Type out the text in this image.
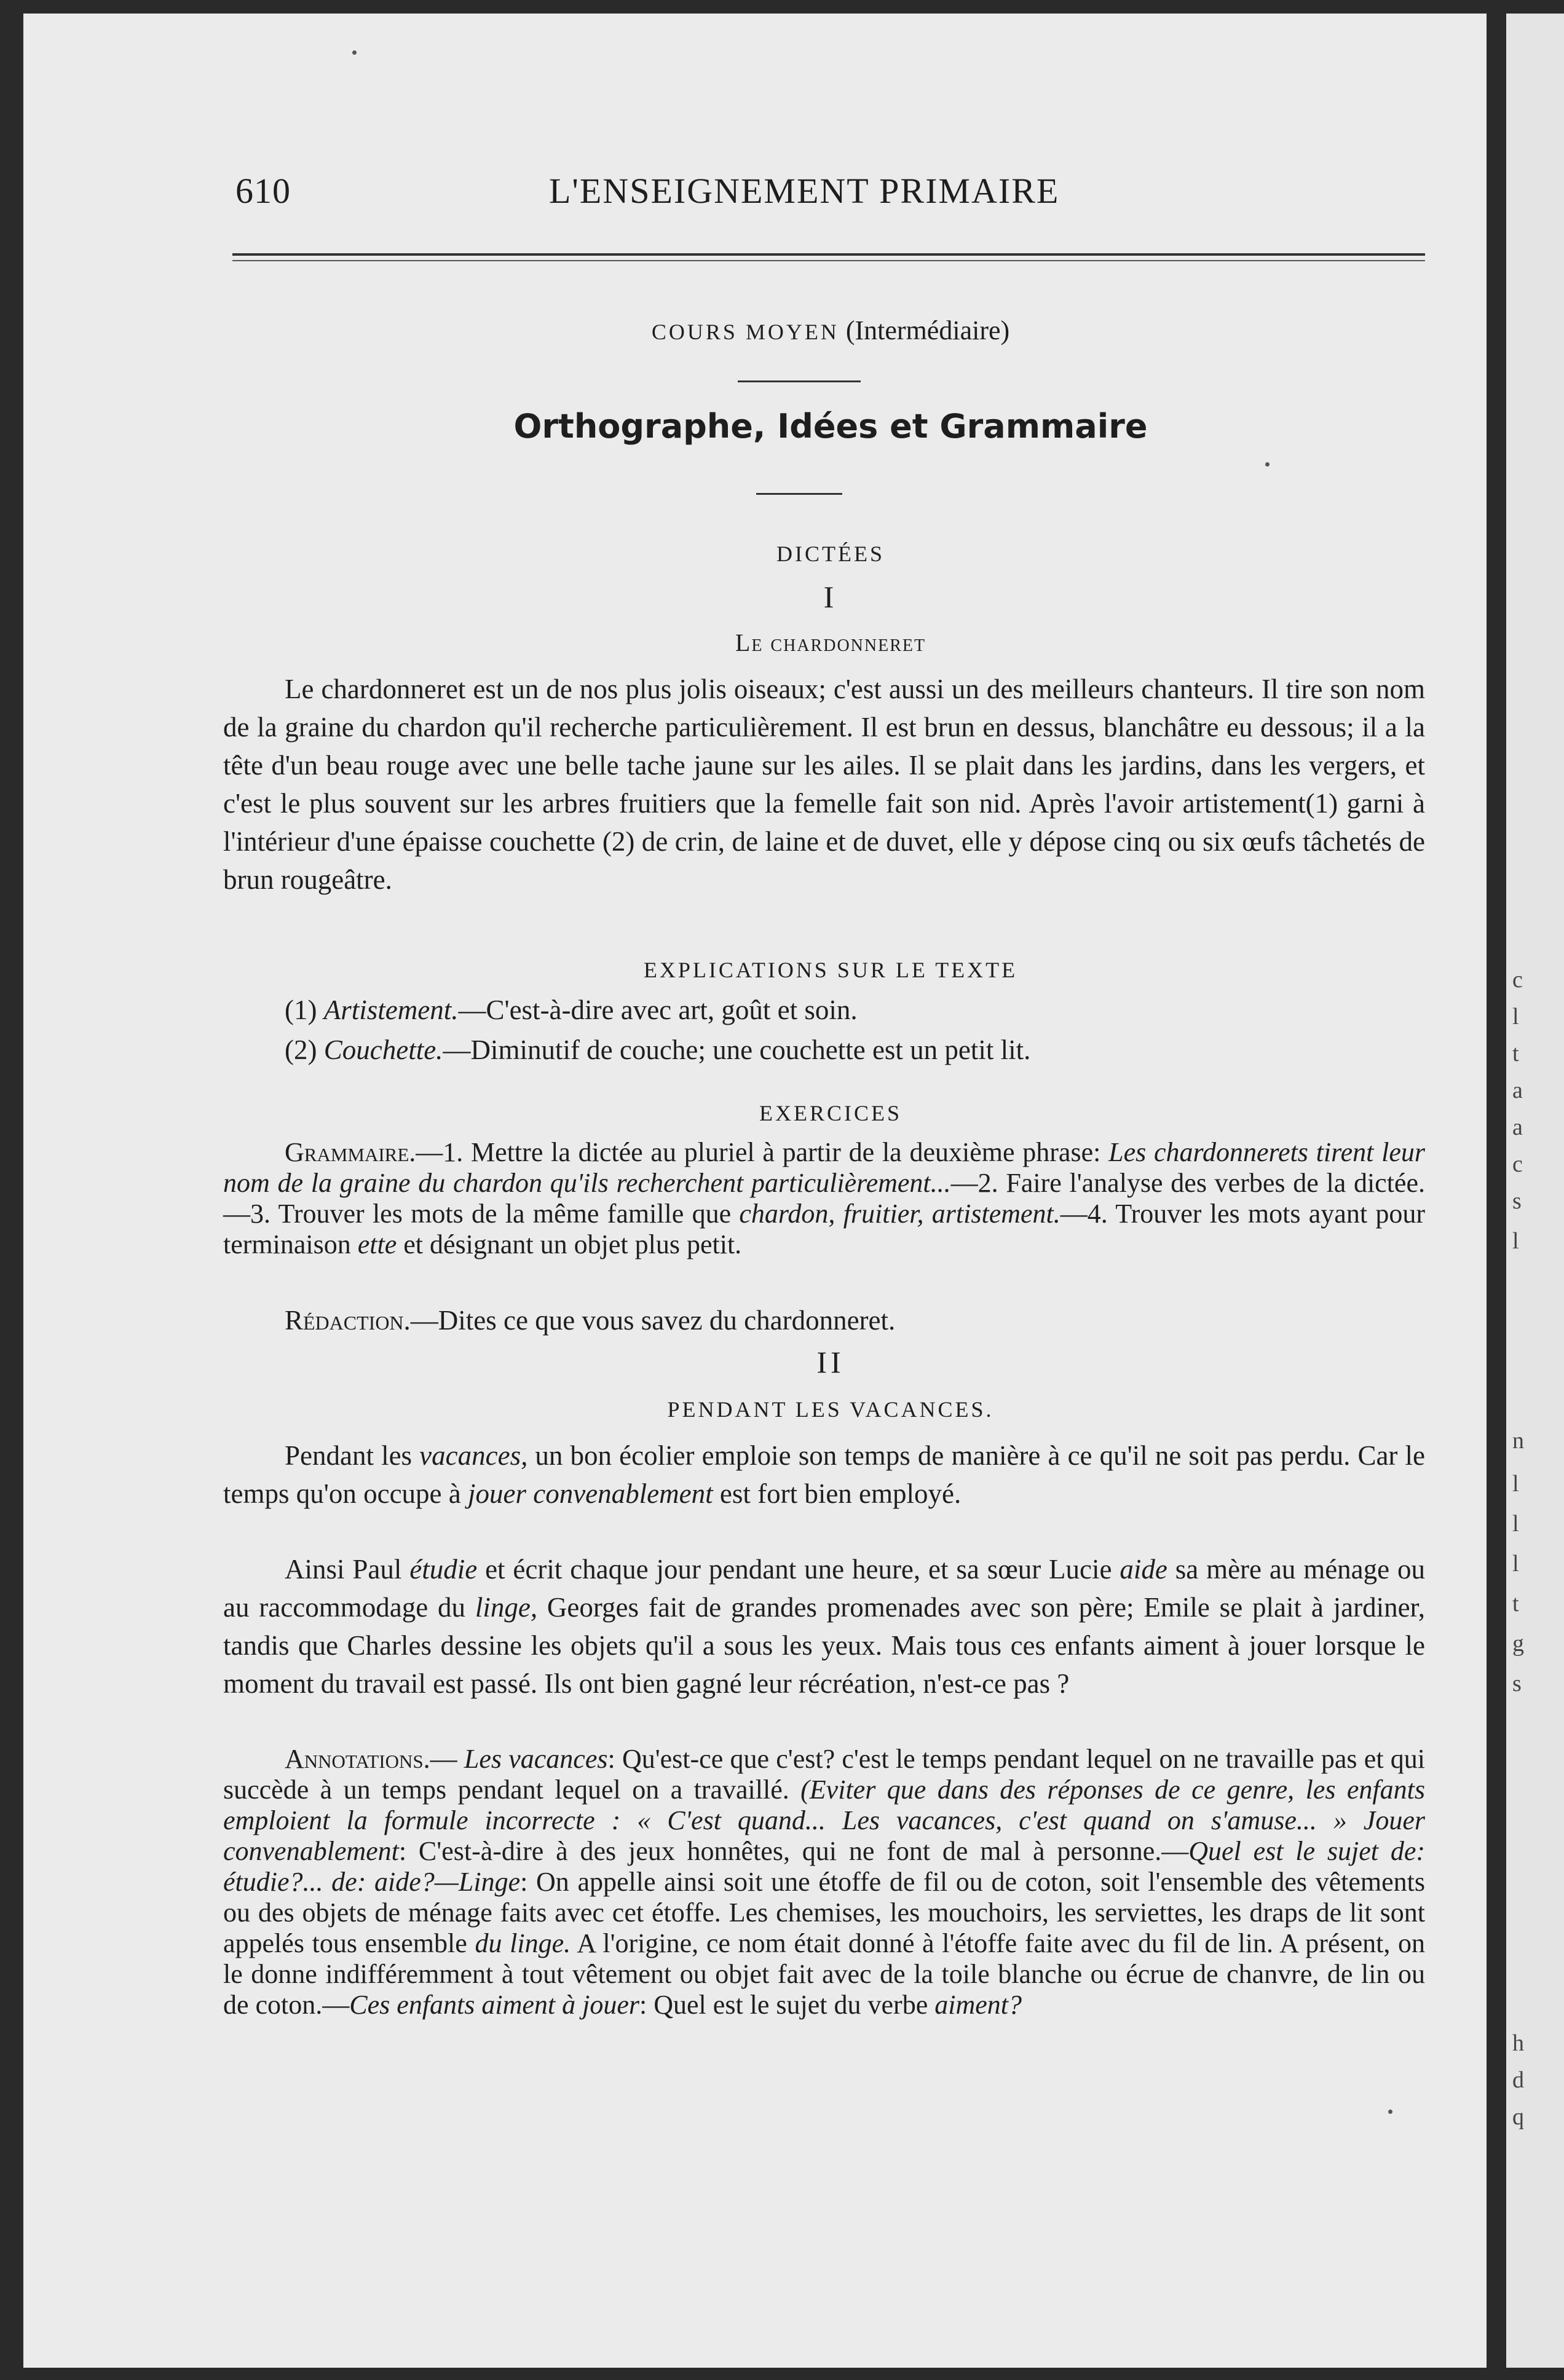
610	L'ENSEIGNEMENT PRIMAIRE
COURS MOYEN (Intermédiaire)
Orthographe, Idées et Grammaire
DICTÉES
I
Le chardonneret
Le chardonneret est un de nos plus jolis oiseaux; c'est aussi un des meilleurs chanteurs. Il tire son nom de la graine du chardon qu'il recherche particulièrement. Il est brun en dessus, blanchâtre eu dessous; il a la tête d'un beau rouge avec une belle tache jaune sur les ailes. Il se plait dans les jardins, dans les vergers, et c'est le plus souvent sur les arbres fruitiers que la femelle fait son nid. Après l'avoir artistement(1) garni à l'intérieur d'une épaisse couchette (2) de crin, de laine et de duvet, elle y dépose cinq ou six œufs tâchetés de brun rougeâtre.
EXPLICATIONS SUR LE TEXTE
(1) Artistement.—C'est-à-dire avec art, goût et soin.
(2) Couchette.—Diminutif de couche; une couchette est un petit lit.
EXERCICES
Grammaire.—1. Mettre la dictée au pluriel à partir de la deuxième phrase: Les chardonnerets tirent leur nom de la graine du chardon qu'ils recherchent particulièrement...—2. Faire l'analyse des verbes de la dictée.—3. Trouver les mots de la même famille que chardon, fruitier, artistement.—4. Trouver les mots ayant pour terminaison ette et désignant un objet plus petit.
Rédaction.—Dites ce que vous savez du chardonneret.
II
PENDANT LES VACANCES.
Pendant les vacances, un bon écolier emploie son temps de manière à ce qu'il ne soit pas perdu. Car le temps qu'on occupe à jouer convenablement est fort bien employé.
Ainsi Paul étudie et écrit chaque jour pendant une heure, et sa sœur Lucie aide sa mère au ménage ou au raccommodage du linge, Georges fait de grandes promenades avec son père; Emile se plait à jardiner, tandis que Charles dessine les objets qu'il a sous les yeux. Mais tous ces enfants aiment à jouer lorsque le moment du travail est passé. Ils ont bien gagné leur récréation, n'est-ce pas ?
Annotations.— Les vacances: Qu'est-ce que c'est? c'est le temps pendant lequel on ne travaille pas et qui succède à un temps pendant lequel on a travaillé. (Eviter que dans des réponses de ce genre, les enfants emploient la formule incorrecte : « C'est quand... Les vacances, c'est quand on s'amuse... » Jouer convenablement: C'est-à-dire à des jeux honnêtes, qui ne font de mal à personne.—Quel est le sujet de: étudie?... de: aide?—Linge: On appelle ainsi soit une étoffe de fil ou de coton, soit l'ensemble des vêtements ou des objets de ménage faits avec cet étoffe. Les chemises, les mouchoirs, les serviettes, les draps de lit sont appelés tous ensemble du linge. A l'origine, ce nom était donné à l'étoffe faite avec du fil de lin. A présent, on le donne indifféremment à tout vêtement ou objet fait avec de la toile blanche ou écrue de chanvre, de lin ou de coton.—Ces enfants aiment à jouer: Quel est le sujet du verbe aiment?
c
l
t
a
a
c
s
l
n
l
l
l
t
g
s
h
d
q
